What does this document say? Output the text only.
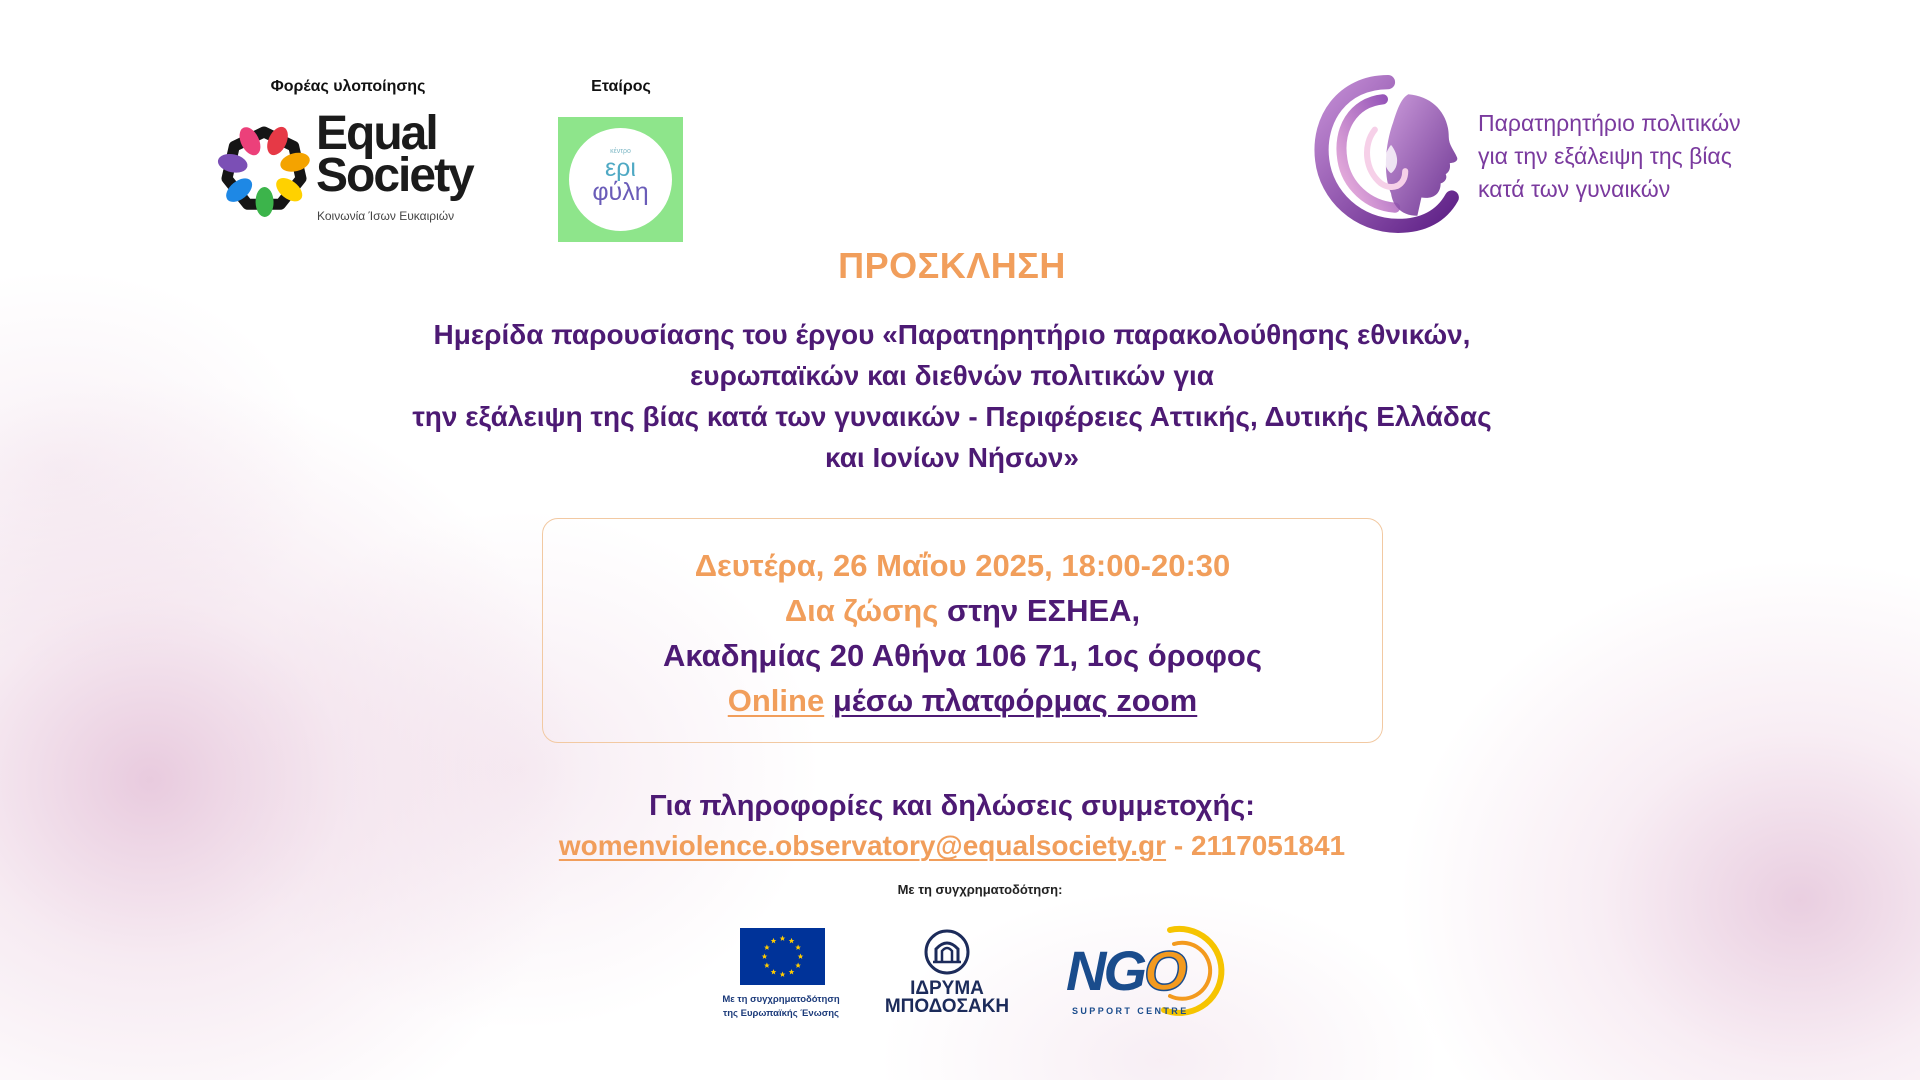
Φορέας υλοποίησης	Εταίρος
Equal
Society
Κοινωνία Ίσων Ευκαιριών
κέντρο
ερι
φύλη
Παρατηρητήριο πολιτικών
για την εξάλειψη της βίας
κατά των γυναικών
ΠΡΟΣΚΛΗΣΗ
Ημερίδα παρουσίασης του έργου «Παρατηρητήριο παρακολούθησης εθνικών,
ευρωπαϊκών και διεθνών πολιτικών για
την εξάλειψη της βίας κατά των γυναικών - Περιφέρειες Αττικής, Δυτικής Ελλάδας
και Ιονίων Νήσων»
Δευτέρα, 26 Μαΐου 2025, 18:00-20:30
Δια ζώσης στην ΕΣΗΕΑ,
Ακαδημίας 20 Αθήνα 106 71, 1ος όροφος
Online μέσω πλατφόρμας zoom
Για πληροφορίες και δηλώσεις συμμετοχής:
womenviolence.observatory@equalsociety.gr - 2117051841
Με τη συγχρηματοδότηση:
Με τη συγχρηματοδότηση
της Ευρωπαϊκής Ένωσης
ΙΔΡΥΜΑ
ΜΠΟΔΟΣΑΚΗ
NGO
SUPPORT CENTRE
